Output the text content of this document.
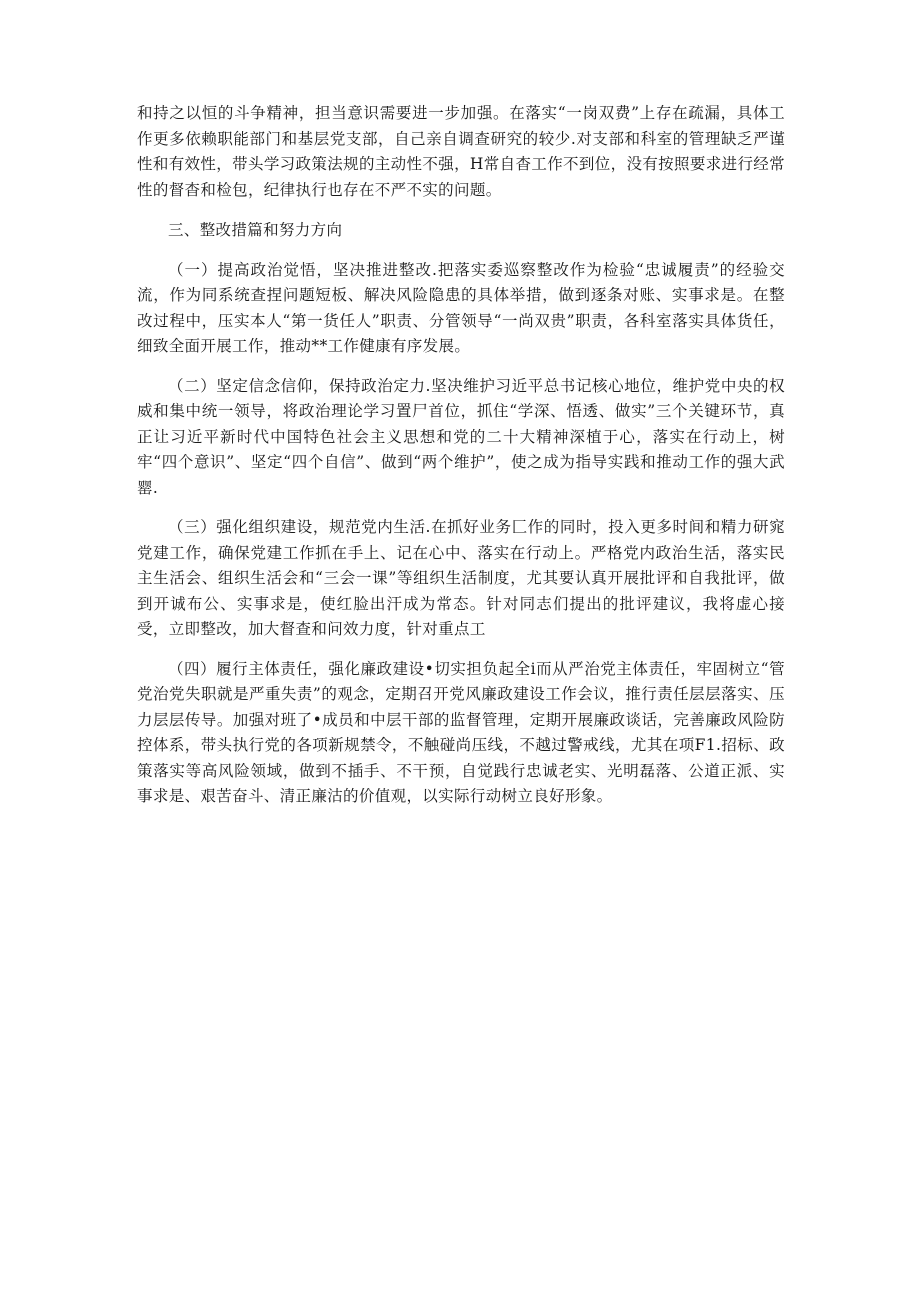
和持之以恒的斗争精神，担当意识需要进一步加强。在落实“一岗双费”上存在疏漏，具体工作更多依赖职能部门和基层党支部，自己亲自调查研究的较少.对支部和科室的管理缺乏严谨性和有效性，带头学习政策法规的主动性不强，H常自杳工作不到位，没有按照要求进行经常性的督杳和检包，纪律执行也存在不严不实的问题。

三、整改措篇和努力方向

（一）提高政治觉悟，坚决推进整改.把落实委巡察整改作为检验“忠诚履责”的经验交流，作为同系统查捏问题短板、解决风险隐患的具体举措，做到逐条对账、实事求是。在整改过程中，压实本人“第一货任人”职责、分管领导“一尚双贵”职责，各科室落实具体货任，细致全面开展工作，推动**工作健康有序发展。

（二）坚定信念信仰，保持政治定力.坚决维护习近平总书记核心地位，维护党中央的权威和集中统一领导，将政治理论学习置尸首位，抓住“学深、悟透、做实”三个关键环节，真正让习近平新时代中国特色社会主义思想和党的二十大精神深植于心，落实在行动上，树牢“四个意识”、坚定“四个自信”、做到“两个维护”，使之成为指导实践和推动工作的强大武罂.

（三）强化组织建设，规范党内生活.在抓好业务匚作的同时，投入更多时间和精力研窕党建工作，确保党建工作抓在手上、记在心中、落实在行动上。严格党内政治生活，落实民主生活会、组织生活会和“三会一课”等组织生活制度，尤其要认真开展批评和自我批评，做到开诚布公、实事求是，使红脸出汗成为常态。针对同志们提出的批评建议，我将虚心接受，立即整改，加大督查和问效力度，针对重点工

（四）履行主体责任，强化廉政建设•切实担负起全i而从严治党主体责任，牢固树立“管党治党失职就是严重失责”的观念，定期召开党风廉政建设工作会议，推行责任层层落实、压力层层传导。加强对班了•成员和中层干部的监督管理，定期开展廉政谈话，完善廉政风险防控体系，带头执行党的各项新规禁令，不触碰尚压线，不越过警戒线，尤其在项F1.招标、政策落实等高风险领域，做到不插手、不干预，自觉践行忠诚老实、光明磊落、公道正派、实事求是、艰苦奋斗、清正廉沽的价值观，以实际行动树立良好形象。
